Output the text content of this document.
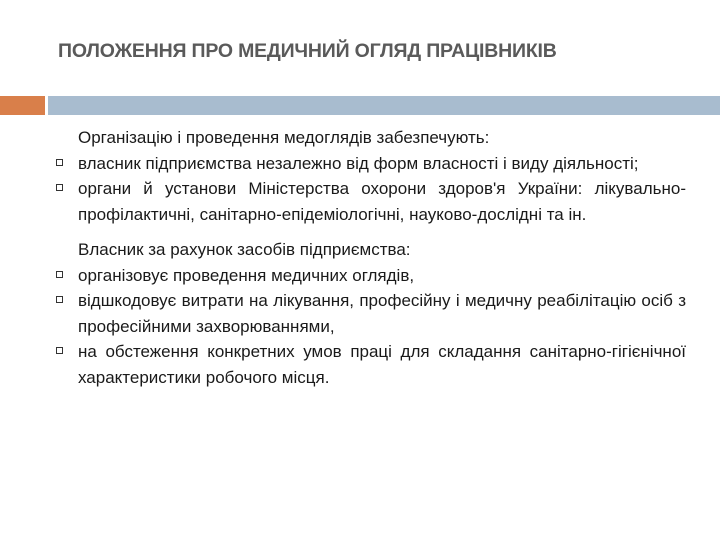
ПОЛОЖЕННЯ ПРО МЕДИЧНИЙ ОГЛЯД ПРАЦІВНИКІВ

Організацію і проведення медоглядів забезпечують:

власник підприємства незалежно від форм власності і виду діяльності;
органи й установи Міністерства охорони здоров'я України: лікувально-профілактичні, санітарно-епідеміологічні, науково-дослідні та ін.

Власник за рахунок засобів підприємства:

організовує проведення медичних оглядів,
відшкодовує витрати на лікування, професійну і медичну реабілітацію осіб з професійними захворюваннями,
на обстеження конкретних умов праці для складання санітарно-гігієнічної характеристики робочого місця.
